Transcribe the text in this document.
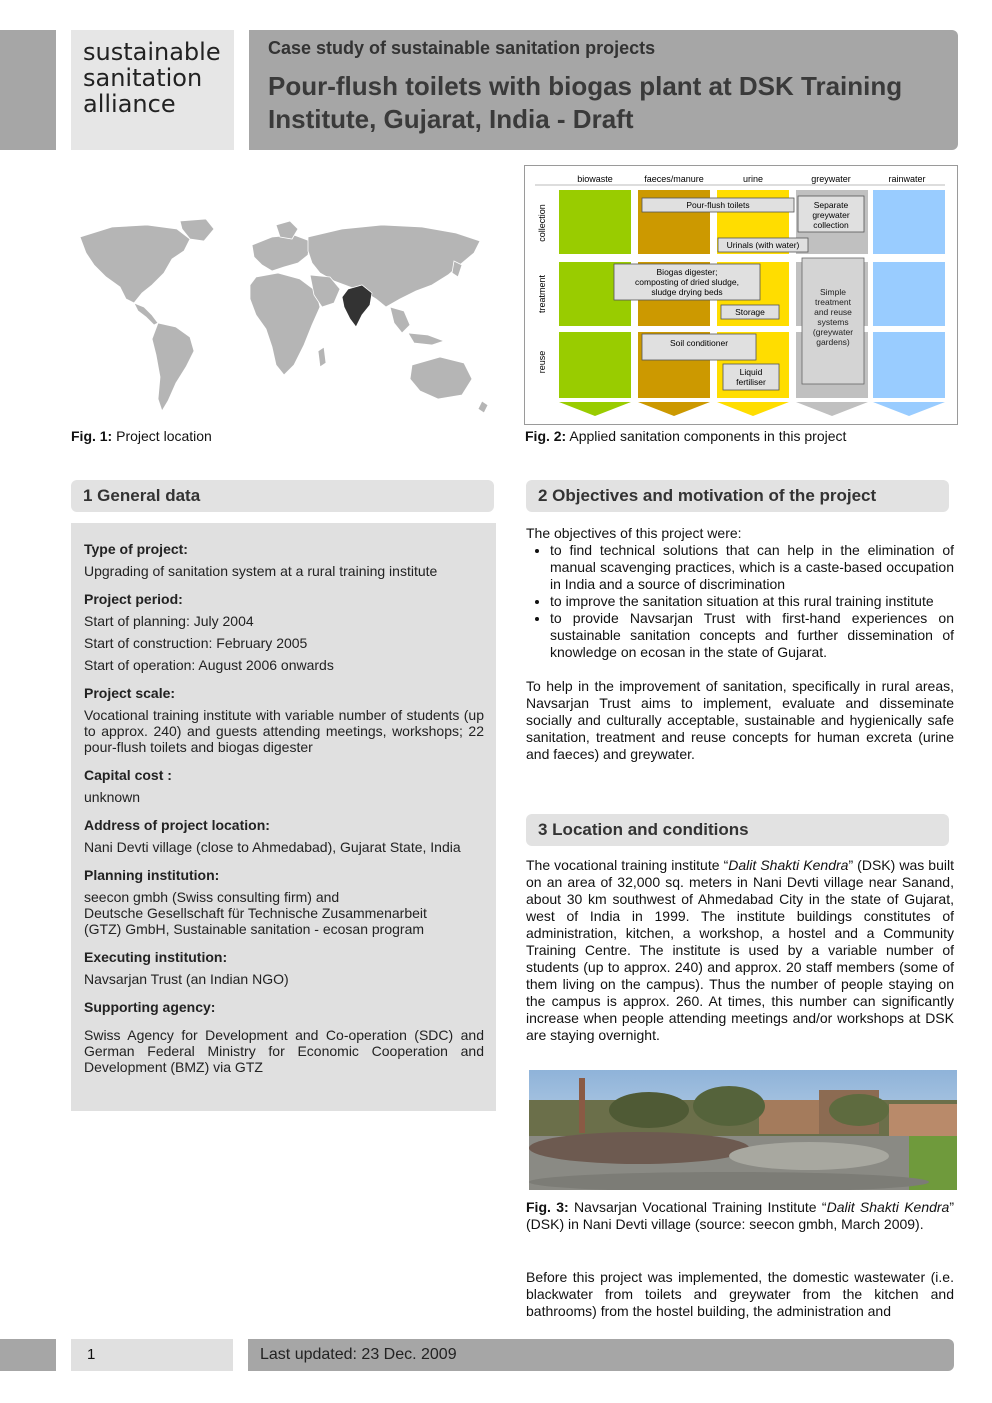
sustainable
sanitation
alliance
Case study of sustainable sanitation projects
Pour-flush toilets with biogas plant at DSK Training Institute, Gujarat, India - Draft
Fig. 1: Project location
biowaste	faeces/manure	urine	greywater	rainwater
collection
treatment
reuse
Simple
treatment
and reuse
systems
(greywater
gardens)
Pour-flush toilets	Separate
greywater
collection
Urinals (with water)
Biogas digester;
composting of dried sludge,
sludge drying beds
Storage
Soil conditioner
Liquid
fertiliser
Fig. 2: Applied sanitation components in this project
1 General data
Type of project:
Upgrading of sanitation system at a rural training institute
Project period:
Start of planning: July 2004
Start of construction: February 2005
Start of operation: August 2006 onwards
Project scale:
Vocational training institute with variable number of students (up to approx. 240) and guests attending meetings, workshops; 22 pour-flush toilets and biogas digester
Capital cost :
unknown
Address of project location:
Nani Devti village (close to Ahmedabad), Gujarat State, India
Planning institution:
seecon gmbh (Swiss consulting firm) and
Deutsche Gesellschaft für Technische Zusammenarbeit
(GTZ) GmbH, Sustainable sanitation - ecosan program
Executing institution:
Navsarjan Trust (an Indian NGO)
Supporting agency:
Swiss Agency for Development and Co-operation (SDC) and German Federal Ministry for Economic Cooperation and Development (BMZ) via GTZ
2 Objectives and motivation of the project
The objectives of this project were:
• to find technical solutions that can help in the elimination of manual scavenging practices, which is a caste-based occupation in India and a source of discrimination
• to improve the sanitation situation at this rural training institute
• to provide Navsarjan Trust with first-hand experiences on sustainable sanitation concepts and further dissemination of knowledge on ecosan in the state of Gujarat.
To help in the improvement of sanitation, specifically in rural areas, Navsarjan Trust aims to implement, evaluate and disseminate socially and culturally acceptable, sustainable and hygienically safe sanitation, treatment and reuse concepts for human excreta (urine and faeces) and greywater.
3 Location and conditions
The vocational training institute “Dalit Shakti Kendra” (DSK) was built on an area of 32,000 sq. meters in Nani Devti village near Sanand, about 30 km southwest of Ahmedabad City in the state of Gujarat, west of India in 1999. The institute buildings constitutes of administration, kitchen, a workshop, a hostel and a Community Training Centre. The institute is used by a variable number of students (up to approx. 240) and approx. 20 staff members (some of them living on the campus). Thus the number of people staying on the campus is approx. 260. At times, this number can significantly increase when people attending meetings and/or workshops at DSK are staying overnight.
Fig. 3: Navsarjan Vocational Training Institute “Dalit Shakti Kendra” (DSK) in Nani Devti village (source: seecon gmbh, March 2009).
Before this project was implemented, the domestic wastewater (i.e. blackwater from toilets and greywater from the kitchen and bathrooms) from the hostel building, the administration and
1	Last updated: 23 Dec. 2009
